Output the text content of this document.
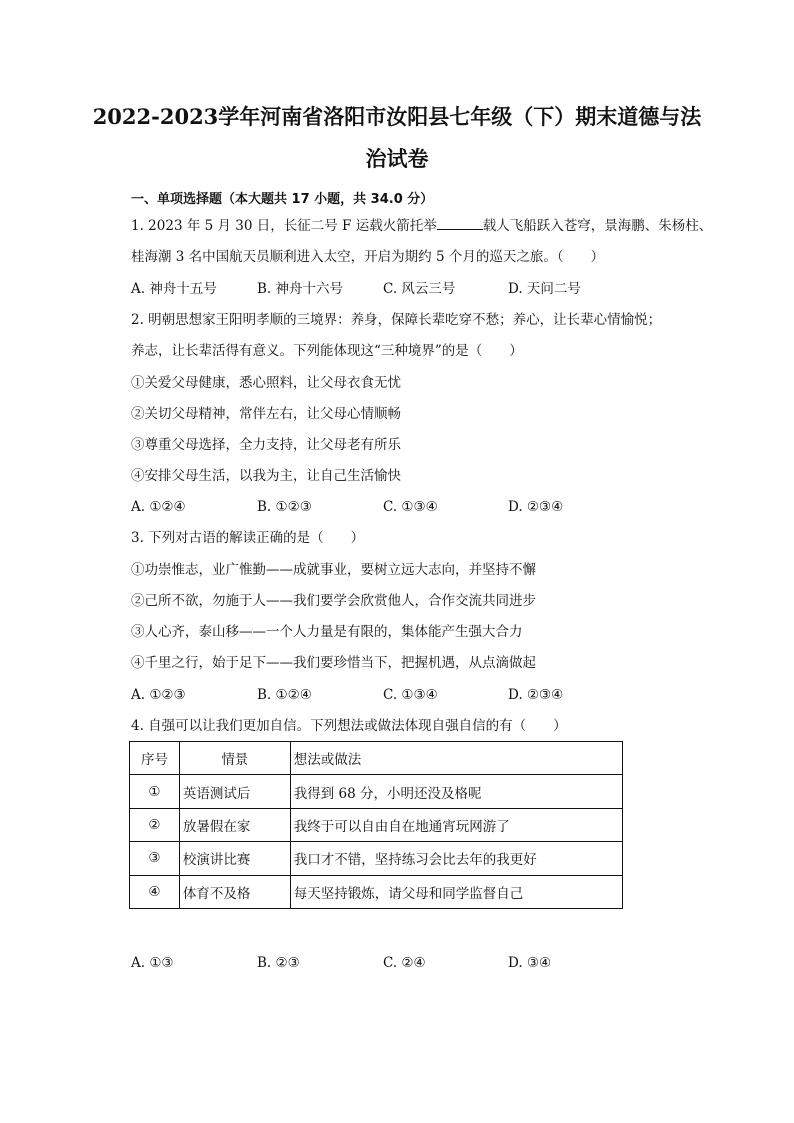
2022-2023学年河南省洛阳市汝阳县七年级（下）期末道德与法
治试卷
一、单项选择题（本大题共 17 小题，共 34.0 分）
1. 2023 年 5 月 30 日，长征二号 F 运载火箭托举	载人飞船跃入苍穹，景海鹏、朱杨柱、
桂海潮 3 名中国航天员顺利进入太空，开启为期约 5 个月的巡天之旅。（　　）
A. 神舟十五号	B. 神舟十六号	C. 风云三号	D. 天问二号
2. 明朝思想家王阳明孝顺的三境界：养身，保障长辈吃穿不愁；养心，让长辈心情愉悦；
养志，让长辈活得有意义。下列能体现这“三种境界”的是（　　）
①关爱父母健康，悉心照料，让父母衣食无忧
②关切父母精神，常伴左右，让父母心情顺畅
③尊重父母选择，全力支持，让父母老有所乐
④安排父母生活，以我为主，让自己生活愉快
A. ①②④	B. ①②③	C. ①③④	D. ②③④
3. 下列对古语的解读正确的是（　　）
①功崇惟志，业广惟勤——成就事业，要树立远大志向，并坚持不懈
②己所不欲，勿施于人——我们要学会欣赏他人，合作交流共同进步
③人心齐，泰山移——一个人力量是有限的，集体能产生强大合力
④千里之行，始于足下——我们要珍惜当下，把握机遇，从点滴做起
A. ①②③	B. ①②④	C. ①③④	D. ②③④
4. 自强可以让我们更加自信。下列想法或做法体现自强自信的有（　　）
序号	情景	想法或做法
①	英语测试后	我得到 68 分，小明还没及格呢
②	放暑假在家	我终于可以自由自在地通宵玩网游了
③	校演讲比赛	我口才不错，坚持练习会比去年的我更好
④	体育不及格	每天坚持锻炼，请父母和同学监督自己
A. ①③	B. ②③	C. ②④	D. ③④
